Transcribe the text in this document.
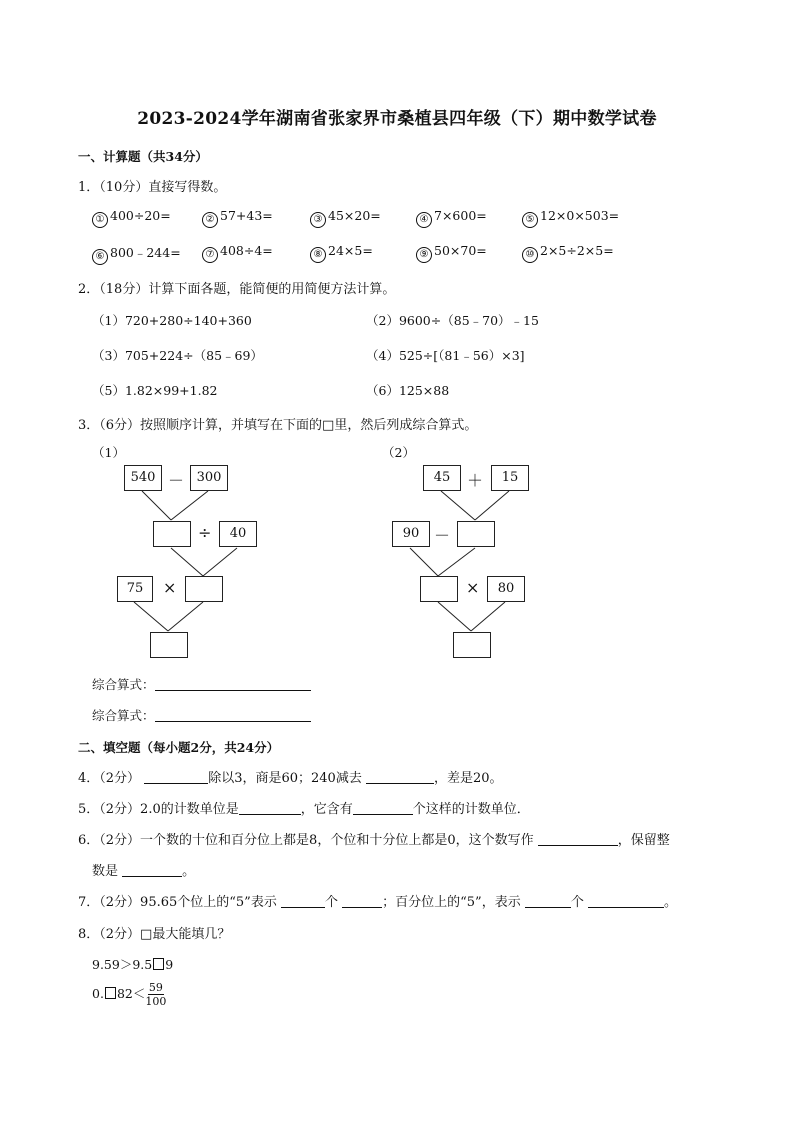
2023-2024学年湖南省张家界市桑植县四年级（下）期中数学试卷
一、计算题（共34分）
1．（10分）直接写得数。
① 400÷20=	② 57+43=	③ 45×20=	④ 7×600=	⑤ 12×0×503=
⑥ 800﹣244=	⑦ 408÷4=	⑧ 24×5=	⑨ 50×70=	⑩ 2×5÷2×5=
2．（18分）计算下面各题，能简便的用简便方法计算。
（1）720+280÷140+360	（2）9600÷（85﹣70）﹣15
（3）705+224÷（85﹣69）	（4）525÷[（81﹣56）×3]
（5）1.82×99+1.82	（6）125×88
3．（6分）按照顺序计算，并填写在下面的□里，然后列成综合算式。
（1）	（2）
540 － 300
÷	40
75	×
45	＋	15
90 －
×	80
综合算式：
综合算式：
二、填空题（每小题2分，共24分）
4．（2分）	除以3，商是60；240减去	，差是20。
5．（2分）2.0的计数单位是	，它含有	个这样的计数单位．
6．（2分）一个数的十位和百分位上都是8，个位和十分位上都是0，这个数写作	，保留整
数是	。
7．（2分）95.65个位上的“5”表示	个	；百分位上的“5”，表示	个	。
8．（2分）□最大能填几？
9.59＞9.5 9
0. $82< \frac{59}{100}$
